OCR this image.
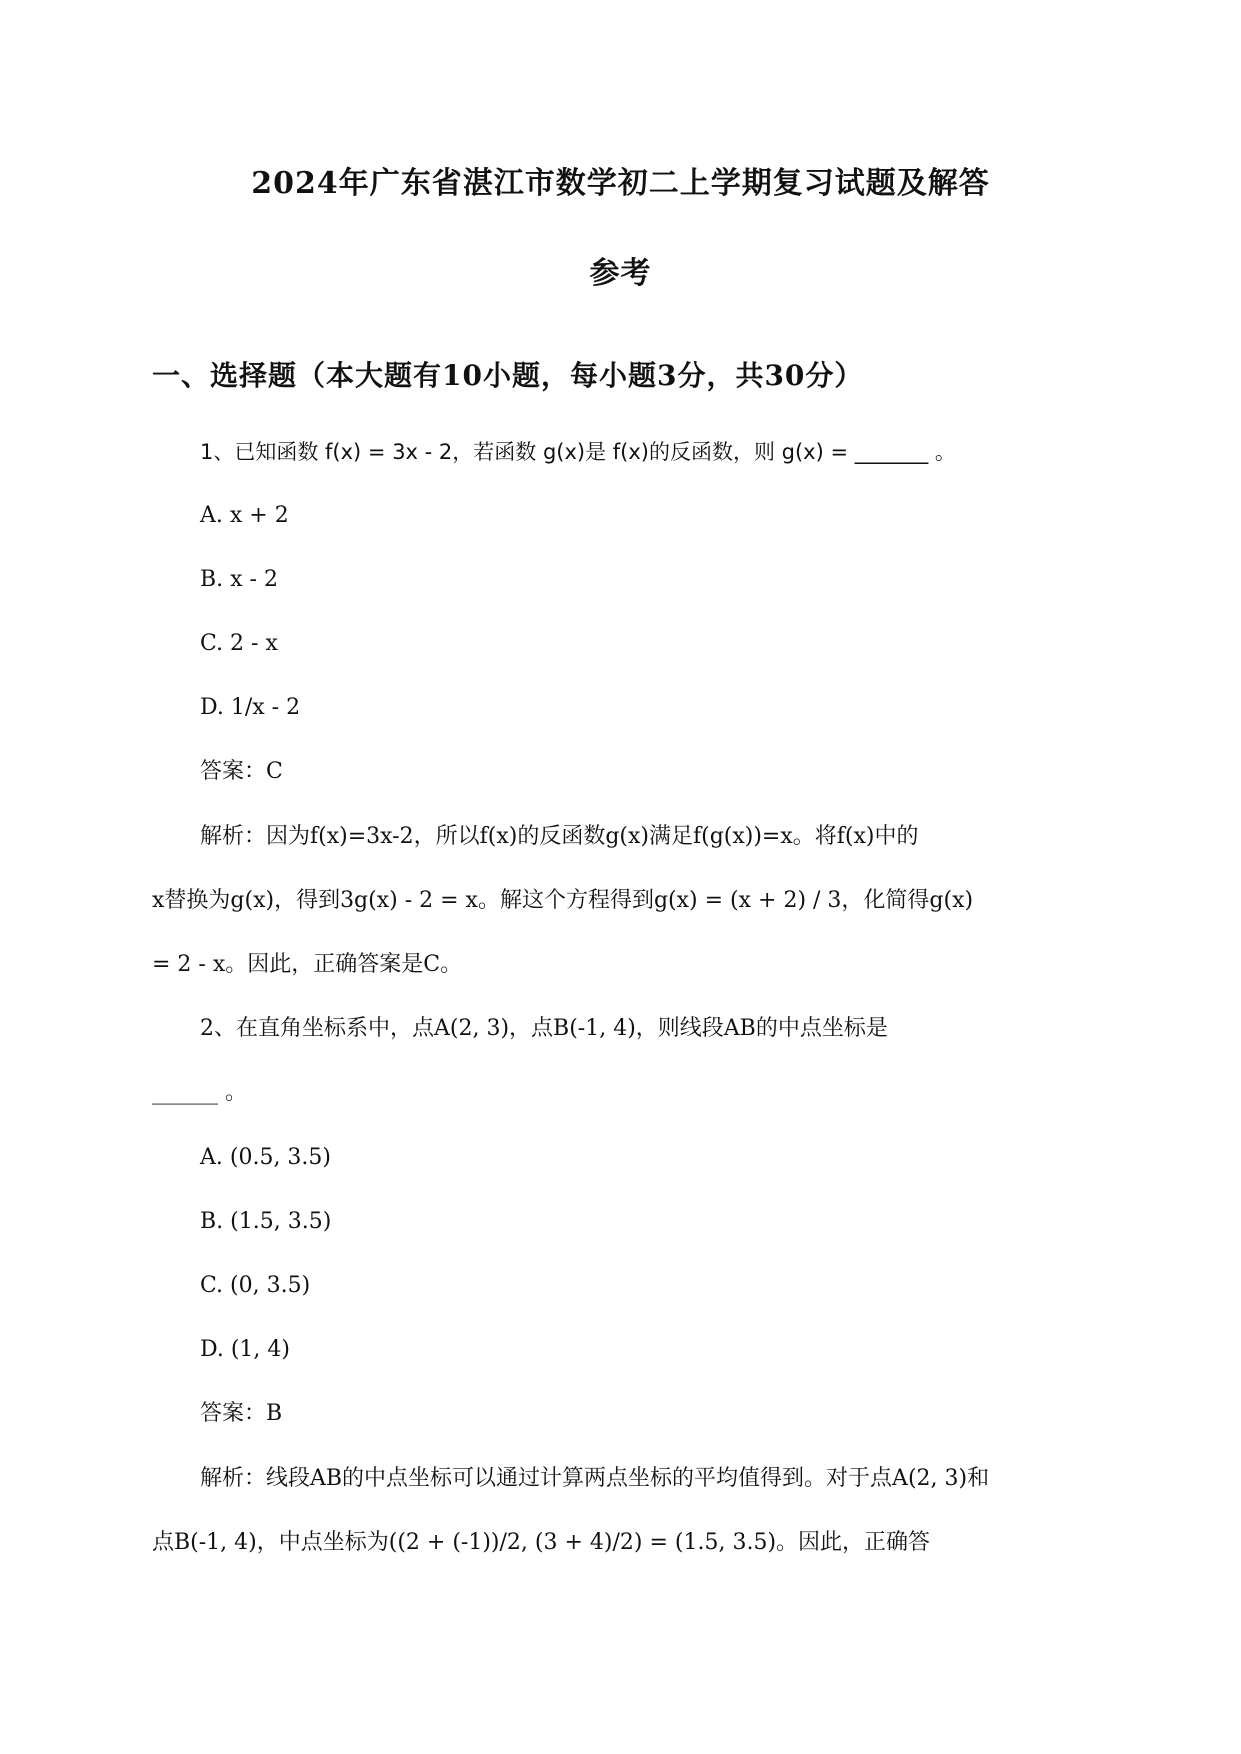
2024年广东省湛江市数学初二上学期复习试题及解答
参考
一、选择题（本大题有10小题，每小题3分，共30分）
1、已知函数 f(x) = 3x - 2，若函数 g(x)是 f(x)的反函数，则 g(x) = _______ 。
A. x + 2
B. x - 2
C. 2 - x
D. 1/x - 2
答案：C
解析：因为f(x)=3x-2，所以f(x)的反函数g(x)满足f(g(x))=x。将f(x)中的
x替换为g(x)，得到3g(x) - 2 = x。解这个方程得到g(x) = (x + 2) / 3，化简得g(x)
= 2 - x。因此，正确答案是C。
2、在直角坐标系中，点A(2, 3)，点B(-1, 4)，则线段AB的中点坐标是
______ 。
A. (0.5, 3.5)
B. (1.5, 3.5)
C. (0, 3.5)
D. (1, 4)
答案：B
解析：线段AB的中点坐标可以通过计算两点坐标的平均值得到。对于点A(2, 3)和
点B(-1, 4)，中点坐标为((2 + (-1))/2, (3 + 4)/2) = (1.5, 3.5)。因此，正确答
